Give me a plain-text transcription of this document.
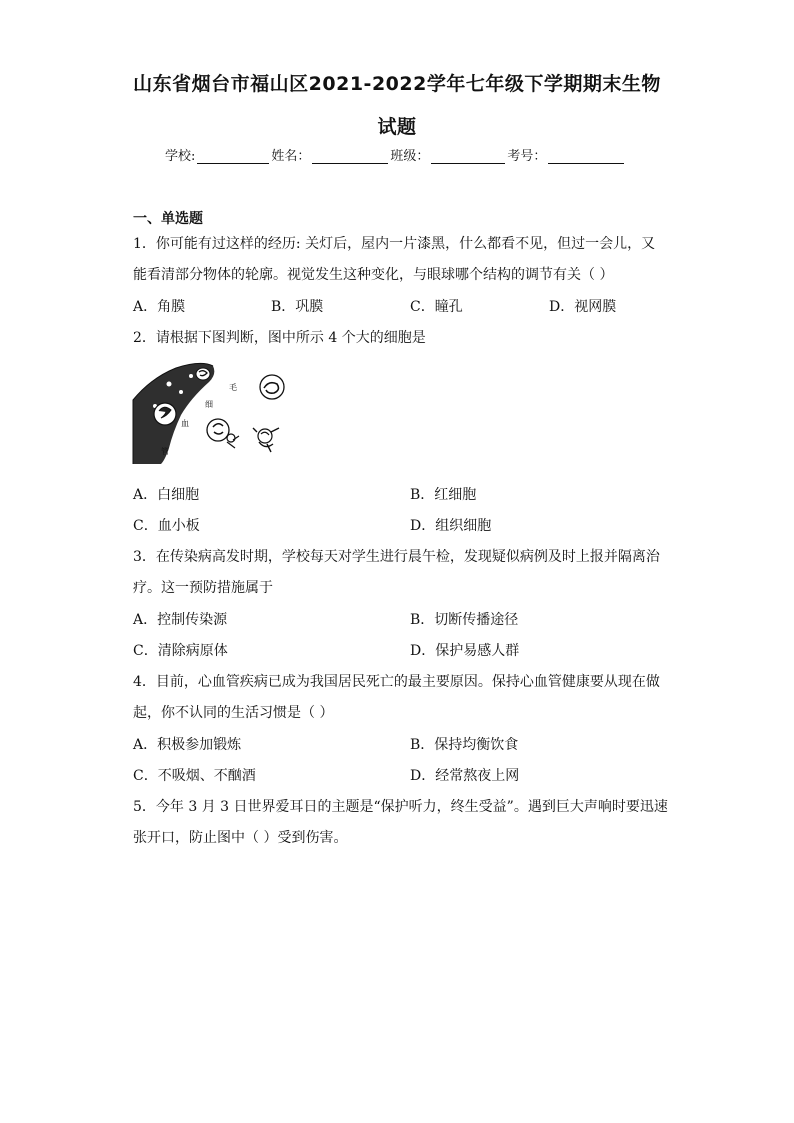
山东省烟台市福山区2021-2022学年七年级下学期期末生物
试题
学校:	姓名：	班级：	考号：
一、单选题
1．你可能有过这样的经历: 关灯后，屋内一片漆黑，什么都看不见，但过一会儿，又
能看清部分物体的轮廓。视觉发生这种变化，与眼球哪个结构的调节有关（ ）
A．角膜	B．巩膜	C．瞳孔	D．视网膜
2．请根据下图判断，图中所示 4 个大的细胞是
毛
细
血
管
A．白细胞	B．红细胞
C．血小板	D．组织细胞
3．在传染病高发时期，学校每天对学生进行晨午检，发现疑似病例及时上报并隔离治
疗。这一预防措施属于
A．控制传染源	B．切断传播途径
C．清除病原体	D．保护易感人群
4．目前，心血管疾病已成为我国居民死亡的最主要原因。保持心血管健康要从现在做
起，你不认同的生活习惯是（ ）
A．积极参加锻炼	B．保持均衡饮食
C．不吸烟、不酗酒	D．经常熬夜上网
5．今年 3 月 3 日世界爱耳日的主题是“保护听力，终生受益”。遇到巨大声响时要迅速
张开口，防止图中（ ）受到伤害。
